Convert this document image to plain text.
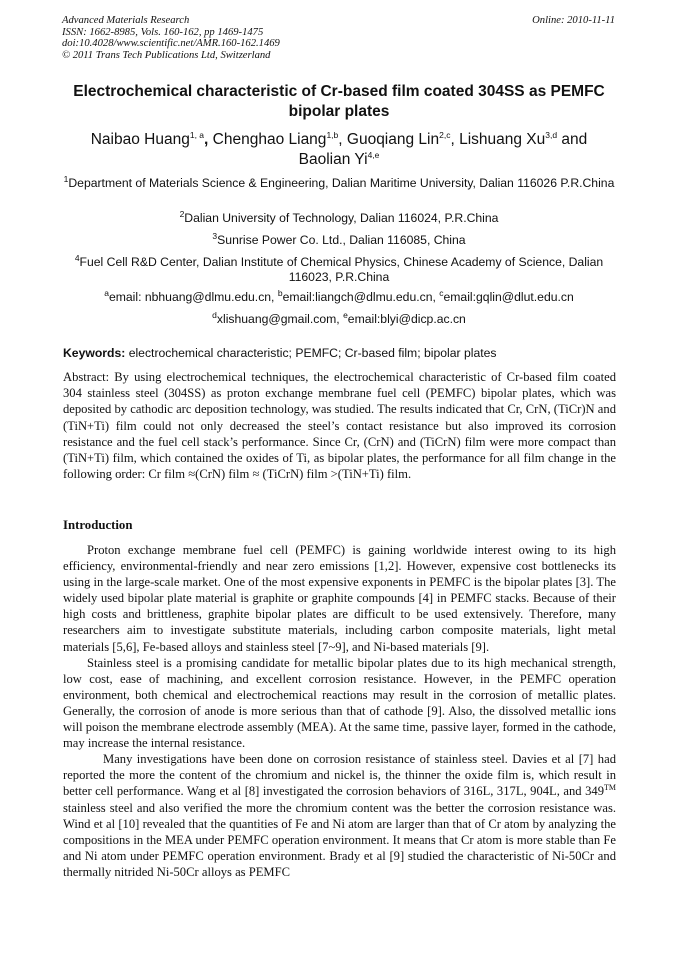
Advanced Materials Research
ISSN: 1662-8985, Vols. 160-162, pp 1469-1475
doi:10.4028/www.scientific.net/AMR.160-162.1469
© 2011 Trans Tech Publications Ltd, Switzerland
Online: 2010-11-11
Electrochemical characteristic of Cr-based film coated 304SS as PEMFC bipolar plates
Naibao Huang$^{1, a}$, Chenghao Liang$^{1,b}$, Guoqiang Lin$^{2,c}$, Lishuang Xu$^{3,d}$ and
Baolian Yi$^{4,e}$
$^1$Department of Materials Science & Engineering, Dalian Maritime University, Dalian 116026 P.R.China
$^2$Dalian University of Technology, Dalian 116024, P.R.China
$^3$Sunrise Power Co. Ltd., Dalian 116085, China
$^4$Fuel Cell R&D Center, Dalian Institute of Chemical Physics, Chinese Academy of Science, Dalian 116023, P.R.China
$^a$email: nbhuang@dlmu.edu.cn, $^b$email:liangch@dlmu.edu.cn, $^c$email:gqlin@dlut.edu.cn
$^d$xlishuang@gmail.com, $^e$email:blyi@dicp.ac.cn
Keywords: electrochemical characteristic; PEMFC; Cr-based film; bipolar plates
Abstract: By using electrochemical techniques, the electrochemical characteristic of Cr-based film coated 304 stainless steel (304SS) as proton exchange membrane fuel cell (PEMFC) bipolar plates, which was deposited by cathodic arc deposition technology, was studied. The results indicated that Cr, CrN, (TiCr)N and (TiN+Ti) film could not only decreased the steel’s contact resistance but also improved its corrosion resistance and the fuel cell stack’s performance. Since Cr, (CrN) and (TiCrN) film were more compact than (TiN+Ti) film, which contained the oxides of Ti, as bipolar plates, the performance for all film change in the following order: Cr film ≈(CrN) film ≈ (TiCrN) film >(TiN+Ti) film.
Introduction

Proton exchange membrane fuel cell (PEMFC) is gaining worldwide interest owing to its high efficiency, environmental-friendly and near zero emissions [1,2]. However, expensive cost bottlenecks its using in the large-scale market. One of the most expensive exponents in PEMFC is the bipolar plates [3]. The widely used bipolar plate material is graphite or graphite compounds [4] in PEMFC stacks. Because of their high costs and brittleness, graphite bipolar plates are difficult to be used extensively. Therefore, many researchers aim to investigate substitute materials, including carbon composite materials, light metal materials [5,6], Fe-based alloys and stainless steel [7~9], and Ni-based materials [9].

Stainless steel is a promising candidate for metallic bipolar plates due to its high mechanical strength, low cost, ease of machining, and excellent corrosion resistance. However, in the PEMFC operation environment, both chemical and electrochemical reactions may result in the corrosion of metallic plates. Generally, the corrosion of anode is more serious than that of cathode [9]. Also, the dissolved metallic ions will poison the membrane electrode assembly (MEA). At the same time, passive layer, formed in the cathode, may increase the internal resistance.

Many investigations have been done on corrosion resistance of stainless steel. Davies et al [7] had reported the more the content of the chromium and nickel is, the thinner the oxide film is, which result in better cell performance. Wang et al [8] investigated the corrosion behaviors of 316L, 317L, 904L, and 349™ stainless steel and also verified the more the chromium content was the better the corrosion resistance was. Wind et al [10] revealed that the quantities of Fe and Ni atom are larger than that of Cr atom by analyzing the compositions in the MEA under PEMFC operation environment. It means that Cr atom is more stable than Fe and Ni atom under PEMFC operation environment. Brady et al [9] studied the characteristic of Ni-50Cr and thermally nitrided Ni-50Cr alloys as PEMFC
